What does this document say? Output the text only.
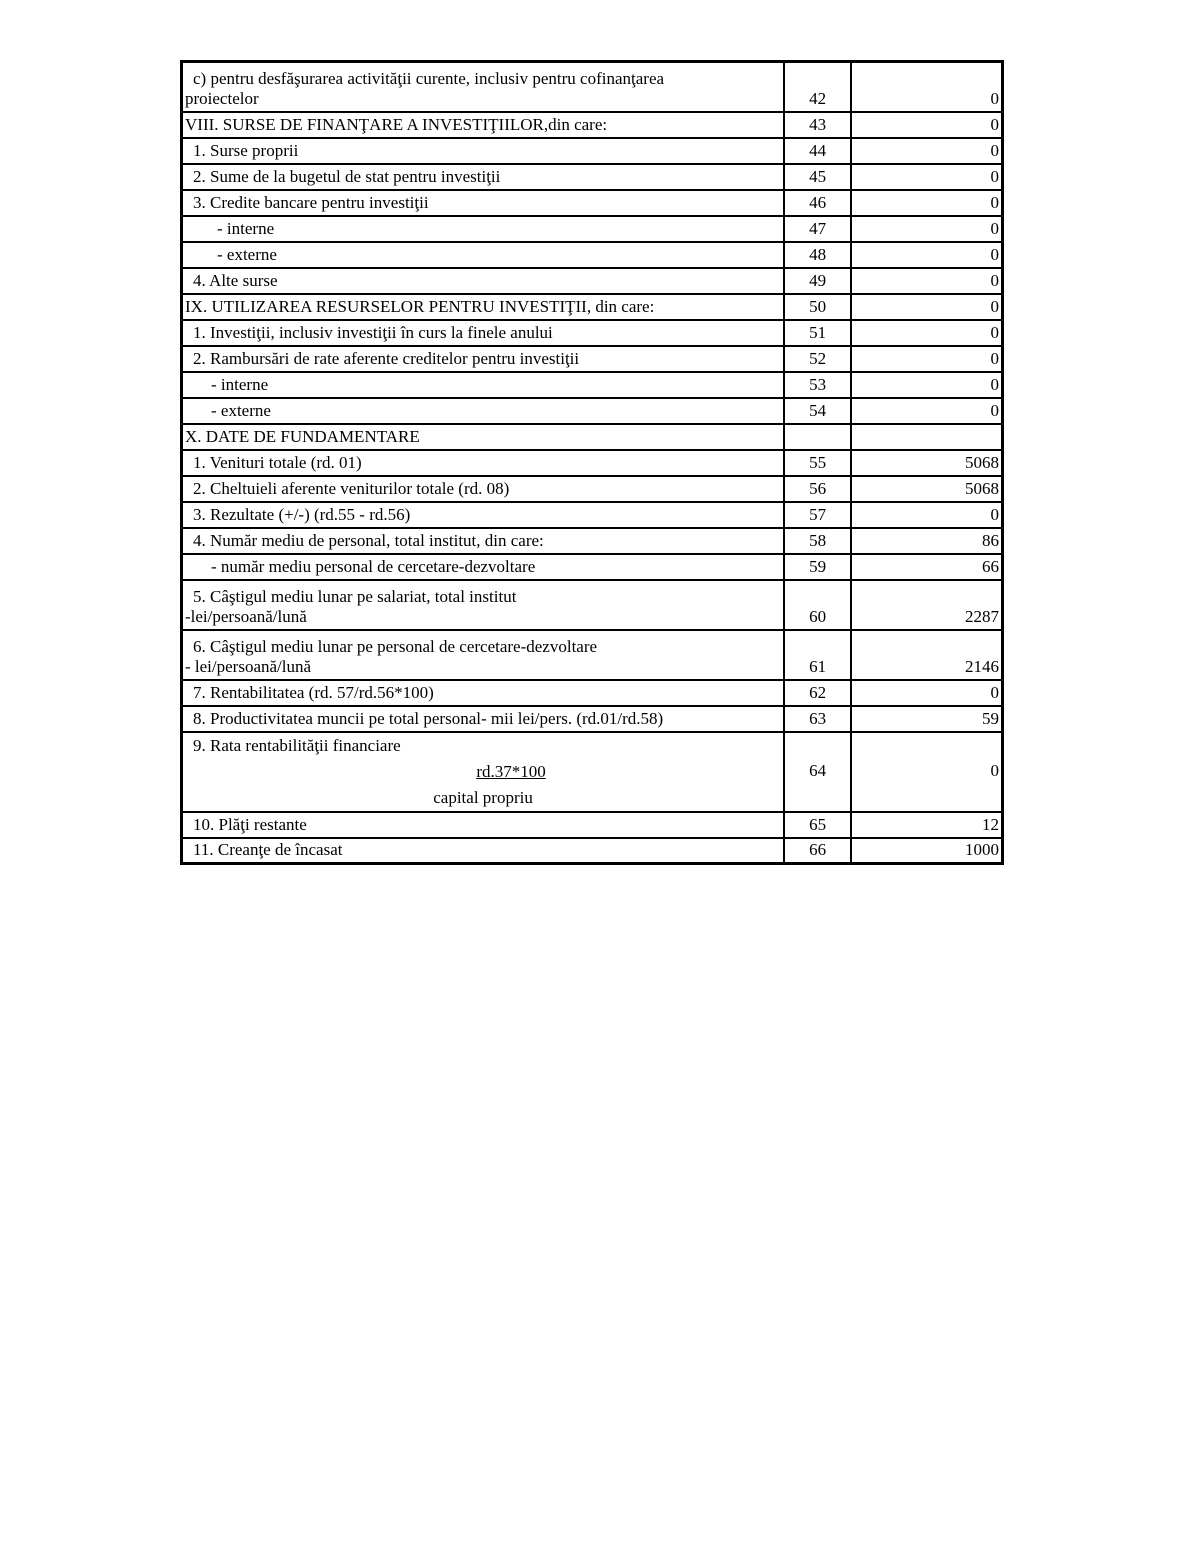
c) pentru desfăşurarea activităţii curente, inclusiv pentru cofinanţarea
proiectelor	42	0
VIII. SURSE DE FINANŢARE A INVESTIŢIILOR,din care:	43	0
1. Surse proprii	44	0
2. Sume de la bugetul de stat pentru investiţii	45	0
3. Credite bancare pentru investiţii	46	0
- interne	47	0
- externe	48	0
4. Alte surse	49	0
IX. UTILIZAREA RESURSELOR PENTRU INVESTIŢII, din care:	50	0
1. Investiţii, inclusiv investiţii în curs la finele anului	51	0
2. Rambursări de rate aferente creditelor pentru investiţii	52	0
- interne	53	0
- externe	54	0
X. DATE DE FUNDAMENTARE		
1. Venituri totale (rd. 01)	55	5068
2. Cheltuieli aferente veniturilor totale (rd. 08)	56	5068
3. Rezultate (+/-) (rd.55 - rd.56)	57	0
4. Număr mediu de personal, total institut, din care:	58	86
- număr mediu personal de cercetare-dezvoltare	59	66

5. Câştigul mediu lunar pe salariat, total institut
-lei/persoană/lună	60	2287

6. Câştigul mediu lunar pe personal de cercetare-dezvoltare
- lei/persoană/lună	61	2146
7. Rentabilitatea (rd. 57/rd.56*100)	62	0
8. Productivitatea muncii pe total personal- mii lei/pers. (rd.01/rd.58)	63	59

9. Rata rentabilităţii financiare
rd.37*100
capital propriu	64	0
10. Plăţi restante	65	12
11. Creanţe de încasat	66	1000
